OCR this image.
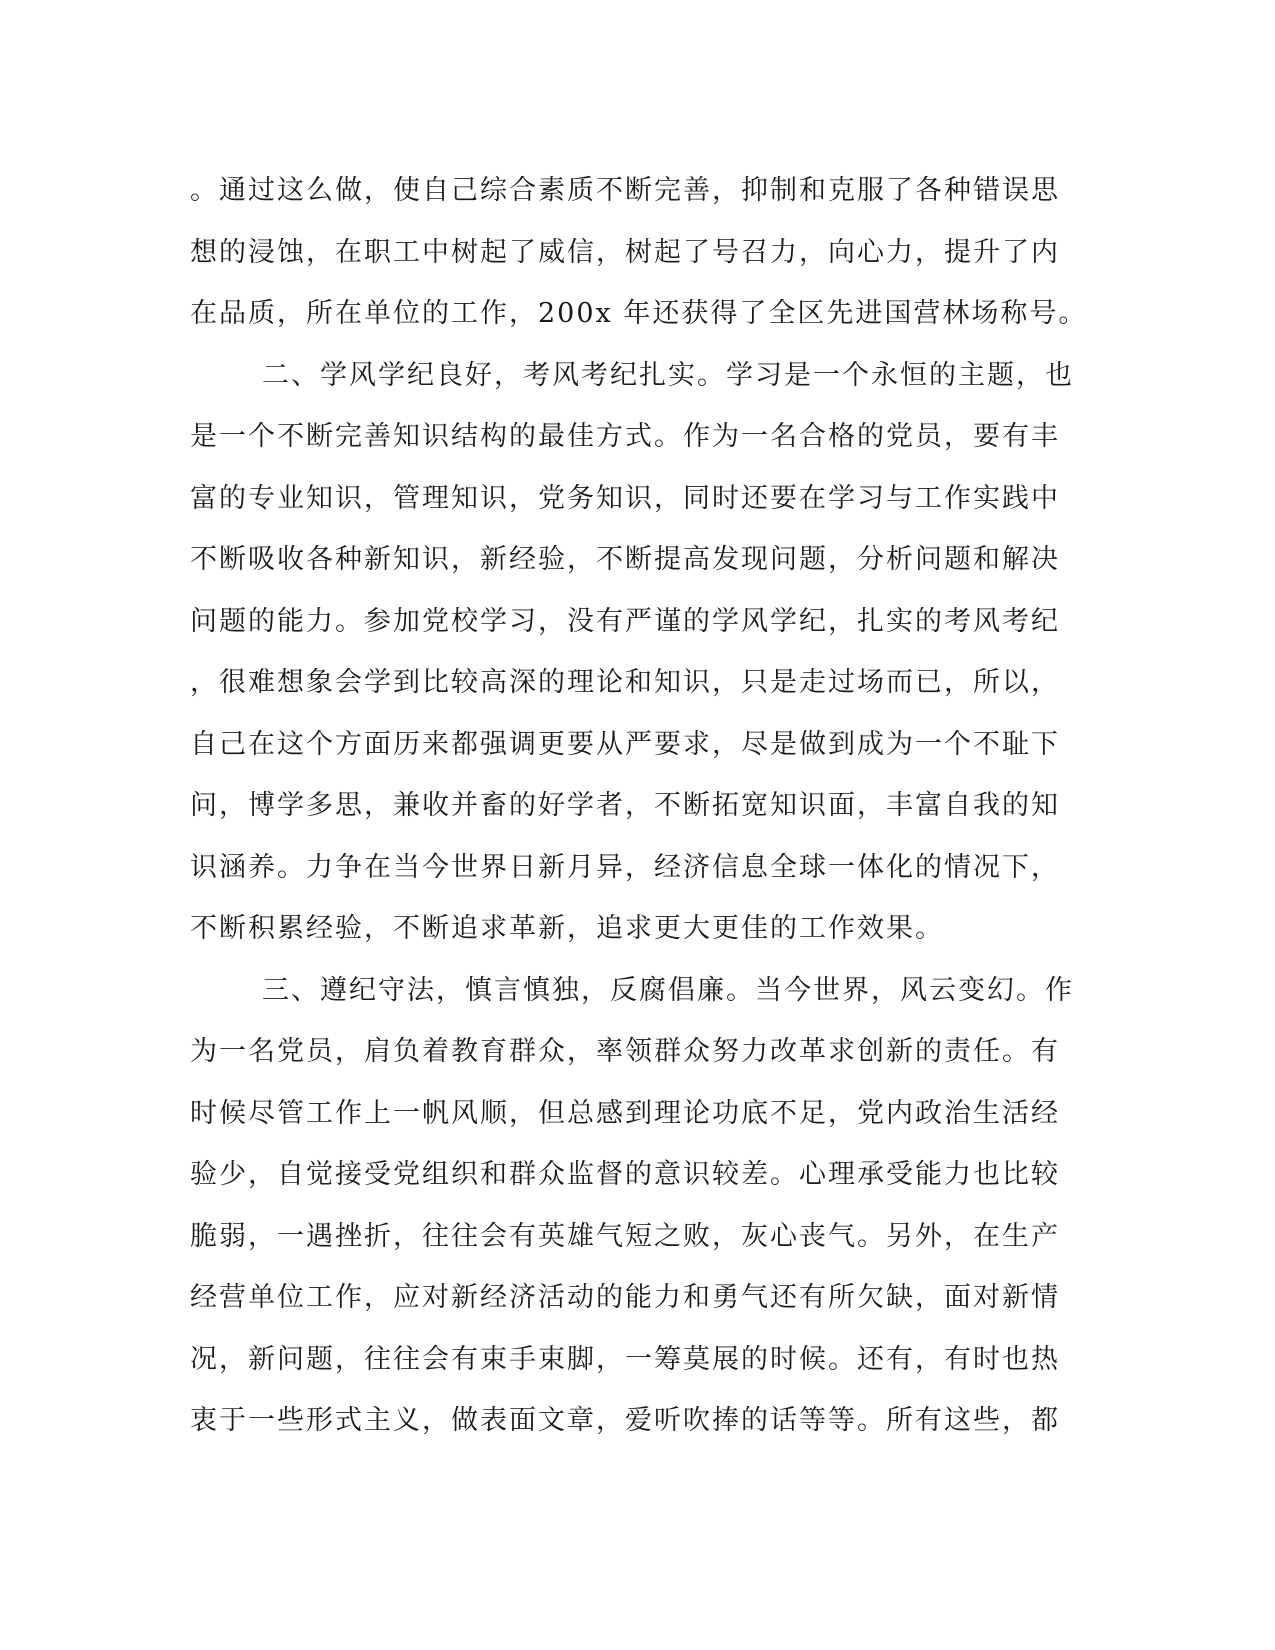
。通过这么做，使自己综合素质不断完善，抑制和克服了各种错误思
想的浸蚀，在职工中树起了威信，树起了号召力，向心力，提升了内
在品质，所在单位的工作，200x 年还获得了全区先进国营林场称号。
二、学风学纪良好，考风考纪扎实。学习是一个永恒的主题，也
是一个不断完善知识结构的最佳方式。作为一名合格的党员，要有丰
富的专业知识，管理知识，党务知识，同时还要在学习与工作实践中
不断吸收各种新知识，新经验，不断提高发现问题，分析问题和解决
问题的能力。参加党校学习，没有严谨的学风学纪，扎实的考风考纪
，很难想象会学到比较高深的理论和知识，只是走过场而已，所以，
自己在这个方面历来都强调更要从严要求，尽是做到成为一个不耻下
问，博学多思，兼收并畜的好学者，不断拓宽知识面，丰富自我的知
识涵养。力争在当今世界日新月异，经济信息全球一体化的情况下，
不断积累经验，不断追求革新，追求更大更佳的工作效果。
三、遵纪守法，慎言慎独，反腐倡廉。当今世界，风云变幻。作
为一名党员，肩负着教育群众，率领群众努力改革求创新的责任。有
时候尽管工作上一帆风顺，但总感到理论功底不足，党内政治生活经
验少，自觉接受党组织和群众监督的意识较差。心理承受能力也比较
脆弱，一遇挫折，往往会有英雄气短之败，灰心丧气。另外，在生产
经营单位工作，应对新经济活动的能力和勇气还有所欠缺，面对新情
况，新问题，往往会有束手束脚，一筹莫展的时候。还有，有时也热
衷于一些形式主义，做表面文章，爱听吹捧的话等等。所有这些，都
